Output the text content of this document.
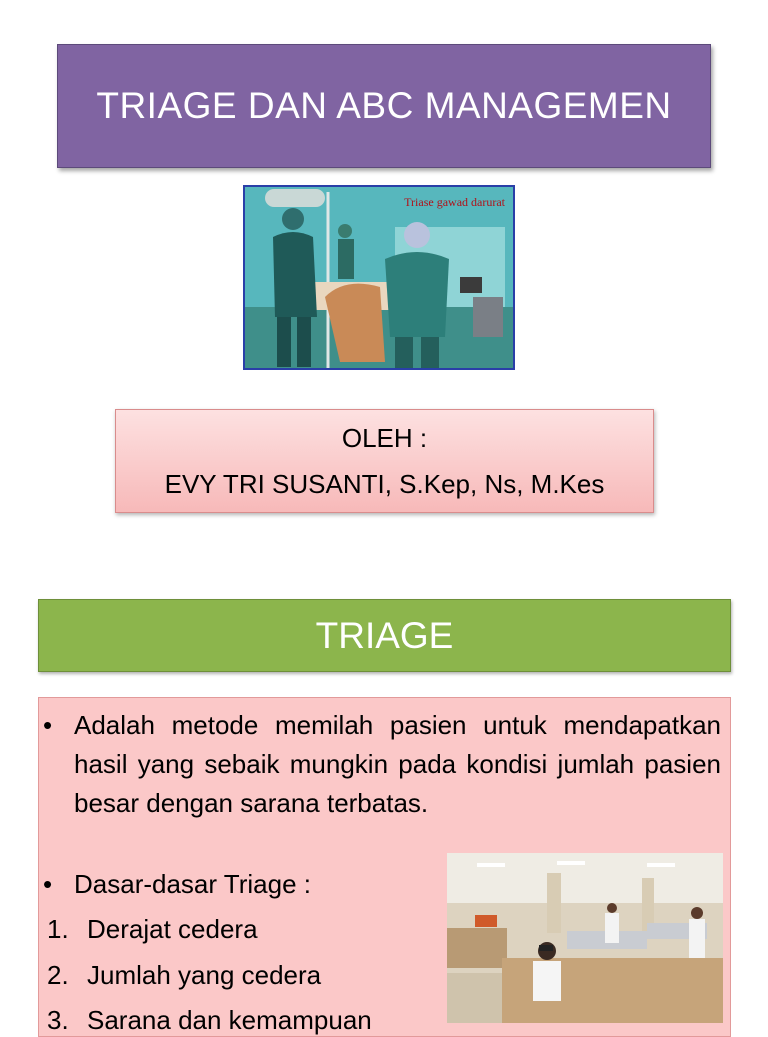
TRIAGE DAN ABC MANAGEMEN
Triase gawad darurat
OLEH :
EVY TRI SUSANTI, S.Kep, Ns, M.Kes
TRIAGE
• Adalah metode memilah pasien untuk mendapatkan hasil yang sebaik mungkin pada kondisi jumlah pasien besar dengan sarana terbatas.
• Dasar-dasar Triage :
1. Derajat cedera
2. Jumlah yang cedera
3. Sarana dan kemampuan
